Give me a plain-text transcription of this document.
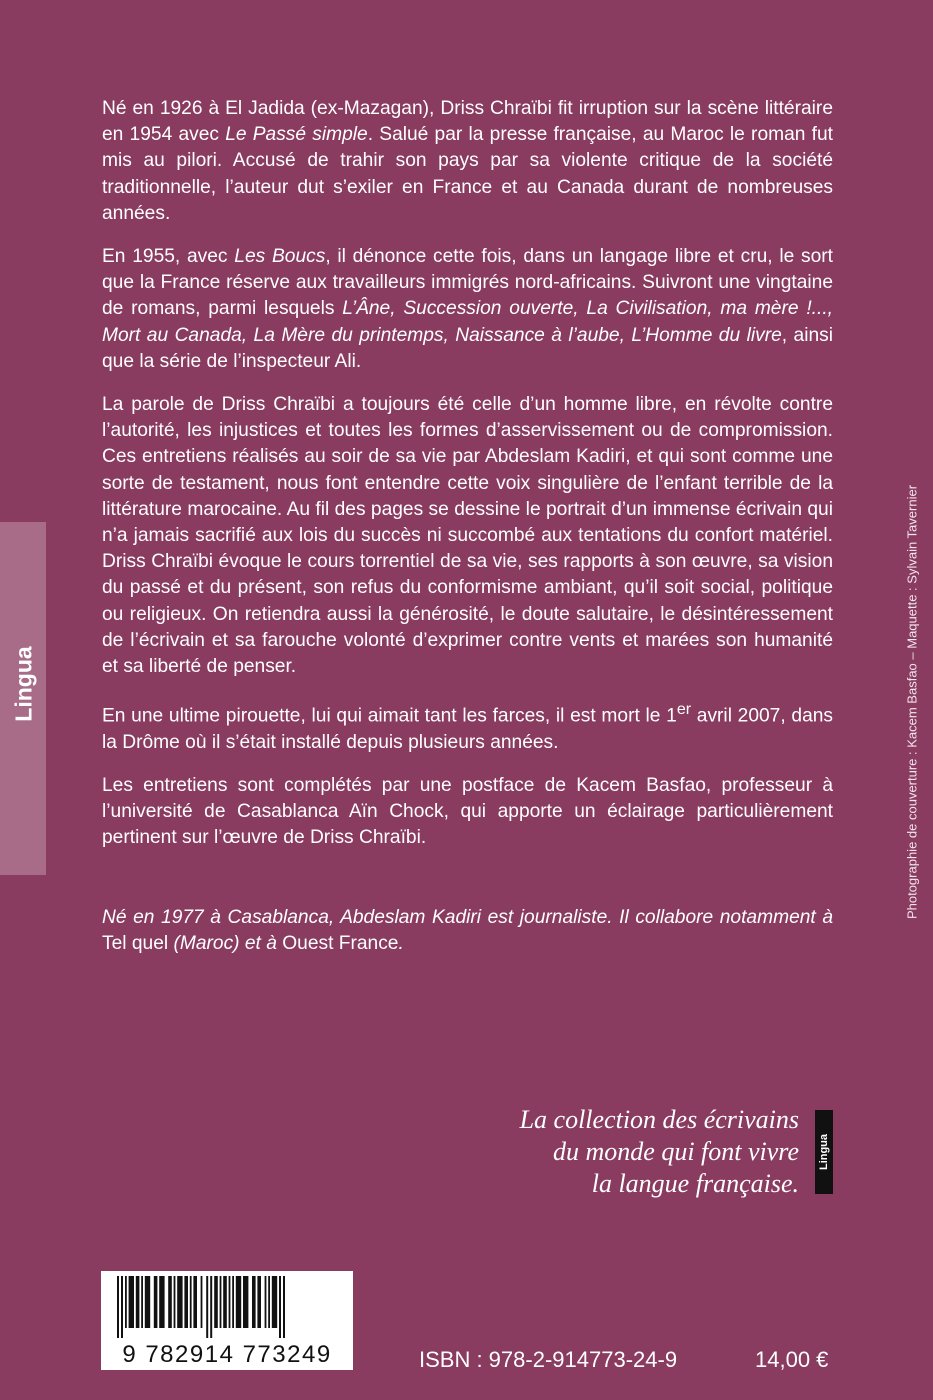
Lingua

Né en 1926 à El Jadida (ex-Mazagan), Driss Chraïbi fit irruption sur la scène littéraire en 1954 avec Le Passé simple. Salué par la presse française, au Maroc le roman fut mis au pilori. Accusé de trahir son pays par sa violente critique de la société traditionnelle, l’auteur dut s’exiler en France et au Canada durant de nombreuses années.

En 1955, avec Les Boucs, il dénonce cette fois, dans un langage libre et cru, le sort que la France réserve aux travailleurs immigrés nord-africains. Suivront une vingtaine de romans, parmi lesquels L’Âne, Succession ouverte, La Civilisation, ma mère !..., Mort au Canada, La Mère du printemps, Naissance à l’aube, L’Homme du livre, ainsi que la série de l’inspecteur Ali.

La parole de Driss Chraïbi a toujours été celle d’un homme libre, en révolte contre l’autorité, les injustices et toutes les formes d’asservissement ou de compromission. Ces entretiens réalisés au soir de sa vie par Abdeslam Kadiri, et qui sont comme une sorte de testament, nous font entendre cette voix singulière de l’enfant terrible de la littérature marocaine. Au fil des pages se dessine le portrait d’un immense écrivain qui n’a jamais sacrifié aux lois du succès ni succombé aux tentations du confort matériel. Driss Chraïbi évoque le cours torrentiel de sa vie, ses rapports à son œuvre, sa vision du passé et du présent, son refus du conformisme ambiant, qu’il soit social, politique ou religieux. On retiendra aussi la générosité, le doute salutaire, le désintéressement de l’écrivain et sa farouche volonté d’exprimer contre vents et marées son humanité et sa liberté de penser.

En une ultime pirouette, lui qui aimait tant les farces, il est mort le 1er avril 2007, dans la Drôme où il s’était installé depuis plusieurs années.

Les entretiens sont complétés par une postface de Kacem Basfao, professeur à l’université de Casablanca Aïn Chock, qui apporte un éclairage particulièrement pertinent sur l’œuvre de Driss Chraïbi.

Né en 1977 à Casablanca, Abdeslam Kadiri est journaliste. Il collabore notamment à Tel quel (Maroc) et à Ouest France.

Photographie de couverture : Kacem Basfao – Maquette : Sylvain Tavernier
La collection des écrivains
du monde qui font vivre
la langue française.
Lingua
9 782914 773249	ISBN : 978-2-914773-24-9	14,00 €
